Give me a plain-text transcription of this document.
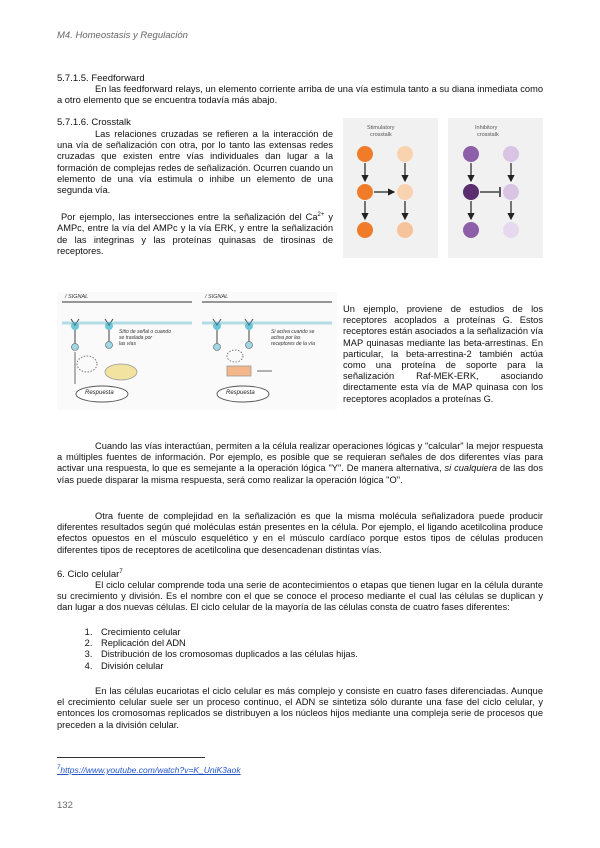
M4. Homeostasis y Regulación
5.7.1.5. Feedforward
En las feedforward relays, un elemento corriente arriba de una vía estimula tanto a su diana inmediata como a otro elemento que se encuentra todavía más abajo.
5.7.1.6. Crosstalk
Las relaciones cruzadas se refieren a la interacción de una vía de señalización con otra, por lo tanto las extensas redes cruzadas que existen entre vías individuales dan lugar a la formación de complejas redes de señalización. Ocurren cuando un elemento de una vía estimula o inhibe un elemento de una segunda vía.
Por ejemplo, las intersecciones entre la señalización del $Ca^{2+}$ y AMPc, entre la vía del AMPc y la vía ERK, y entre la señalización de las integrinas y las proteínas quinasas de tirosinas de receptores.
Stimulatory
crosstalk
Inhibitory
crosstalk
/ SIGNAL	/ SIGNAL
Sitio de señal o cuando
se traslada por
las vías
Si activa cuando se
activa por las
receptores de la vía
Respuesta	Respuesta
Un ejemplo, proviene de estudios de los receptores acoplados a proteínas G. Estos receptores están asociados a la señalización vía MAP quinasas mediante las beta-arrestinas. En particular, la beta-arrestina-2 también actúa como una proteína de soporte para la señalización Raf-MEK-ERK, asociando directamente esta vía de MAP quinasa con los receptores acoplados a proteínas G.
Cuando las vías interactúan, permiten a la célula realizar operaciones lógicas y "calcular" la mejor respuesta a múltiples fuentes de información. Por ejemplo, es posible que se requieran señales de dos diferentes vías para activar una respuesta, lo que es semejante a la operación lógica "Y". De manera alternativa, si cualquiera de las dos vías puede disparar la misma respuesta, será como realizar la operación lógica "O".
Otra fuente de complejidad en la señalización es que la misma molécula señalizadora puede producir diferentes resultados según qué moléculas están presentes en la célula. Por ejemplo, el ligando acetilcolina produce efectos opuestos en el músculo esquelético y en el músculo cardíaco porque estos tipos de células producen diferentes tipos de receptores de acetilcolina que desencadenan distintas vías.
6. Ciclo celular$^7$
El ciclo celular comprende toda una serie de acontecimientos o etapas que tienen lugar en la célula durante su crecimiento y división. Es el nombre con el que se conoce el proceso mediante el cual las células se duplican y dan lugar a dos nuevas células. El ciclo celular de la mayoría de las células consta de cuatro fases diferentes:
1. Crecimiento celular
2. Replicación del ADN
3. Distribución de los cromosomas duplicados a las células hijas.
4. División celular
En las células eucariotas el ciclo celular es más complejo y consiste en cuatro fases diferenciadas. Aunque el crecimiento celular suele ser un proceso continuo, el ADN se sintetiza sólo durante una fase del ciclo celular, y entonces los cromosomas replicados se distribuyen a los núcleos hijos mediante una compleja serie de procesos que preceden a la división celular.
$^7$https://www.youtube.com/watch?v=K_UniK3aok
132
